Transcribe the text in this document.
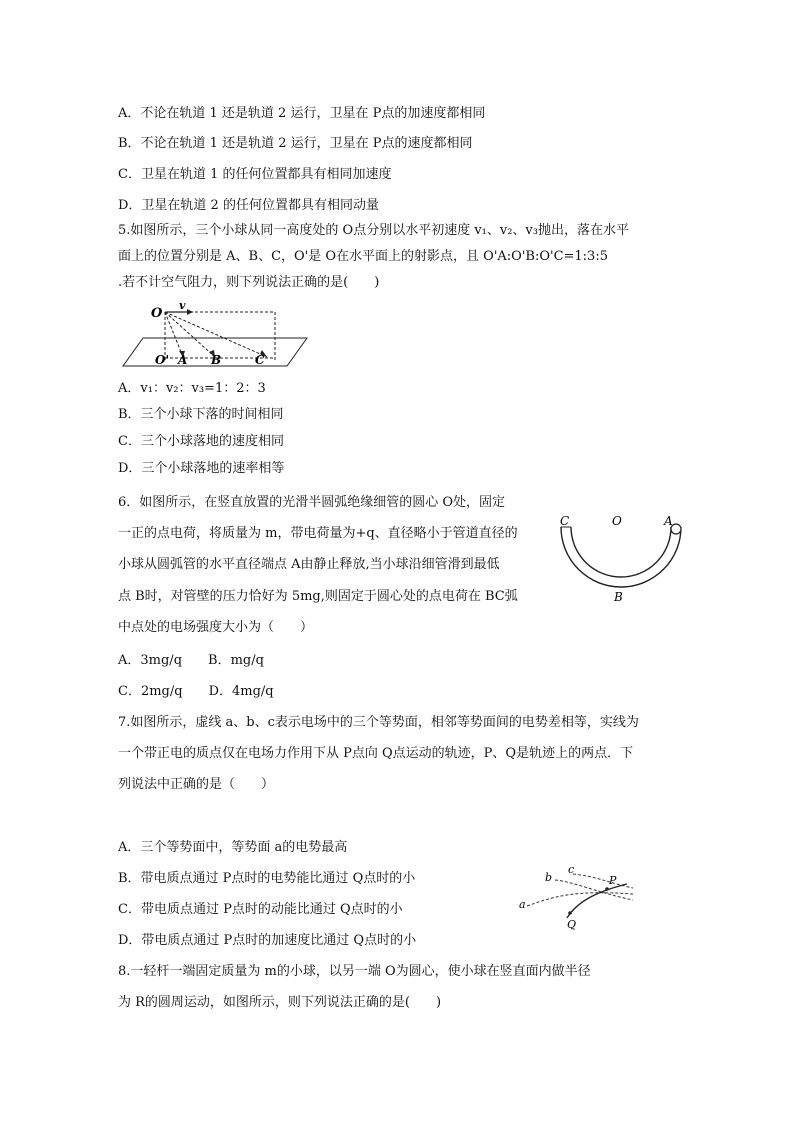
A．不论在轨道 1 还是轨道 2 运行，卫星在 P点的加速度都相同
B．不论在轨道 1 还是轨道 2 运行，卫星在 P点的速度都相同
C．卫星在轨道 1 的任何位置都具有相同加速度
D．卫星在轨道 2 的任何位置都具有相同动量
5.如图所示，三个小球从同一高度处的 O点分别以水平初速度 v₁、v₂、v₃抛出，落在水平
面上的位置分别是 A、B、C，O'是 O在水平面上的射影点，且 O'A:O'B:O'C=1:3:5
.若不计空气阻力，则下列说法正确的是(　　)
O
v
O' A B	C
A．v₁：v₂：v₃=1：2：3
B．三个小球下落的时间相同
C．三个小球落地的速度相同
D．三个小球落地的速率相等
6．如图所示，在竖直放置的光滑半圆弧绝缘细管的圆心 O处，固定
一正的点电荷，将质量为 m，带电荷量为+q、直径略小于管道直径的
小球从圆弧管的水平直径端点 A由静止释放,当小球沿细管滑到最低
点 B时，对管壁的压力恰好为 5mg,则固定于圆心处的点电荷在 BC弧
中点处的电场强度大小为（　　）
C	O	A
B
A．3mg/q　　B．mg/q
C．2mg/q　　D．4mg/q
7.如图所示，虚线 a、b、c表示电场中的三个等势面，相邻等势面间的电势差相等，实线为
一个带正电的质点仅在电场力作用下从 P点向 Q点运动的轨迹，P、Q是轨迹上的两点．下
列说法中正确的是（　　）
A．三个等势面中，等势面 a的电势最高
B．带电质点通过 P点时的电势能比通过 Q点时的小
C．带电质点通过 P点时的动能比通过 Q点时的小
D．带电质点通过 P点时的加速度比通过 Q点时的小
a
b
c
P
Q
8.一轻杆一端固定质量为 m的小球，以另一端 O为圆心，使小球在竖直面内做半径
为 R的圆周运动，如图所示，则下列说法正确的是(　　)
